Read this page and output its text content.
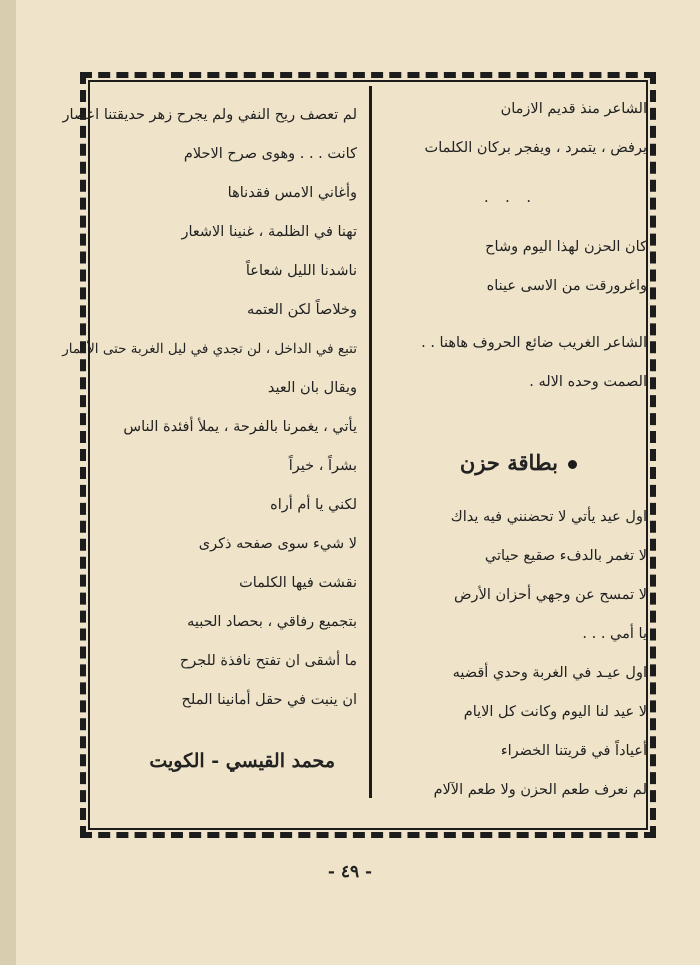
لم تعصف ريح النفي ولم يجرح زهر حديقتنا اعصار
كانت . . . وهوى صرح الاحلام
وأغاني الامس فقدناها
تهنا في الظلمة ، غنينا الاشعار
ناشدنا الليل شعاعاً
وخلاصاً لكن العتمه
تتبع في الداخل ، لن تجدي في ليل الغربة حتى الأقمار
ويقال بان العيد
يأتي ، يغمرنا بالفرحة ، يملأ أفئدة الناس
بشراً ، خيراً
لكني يا أم أراه
لا شيء سوى صفحه ذكرى
نقشت فيها الكلمات
بتجميع رفاقي ، بحصاد الحبيه
ما أشقى ان تفتح نافذة للجرح
ان ينبت في حقل أمانينا الملح
محمد القيسي - الكويت
الشاعر منذ قديم الازمان
يرفض ، يتمرد ، ويفجر بركان الكلمات
. . .
كان الحزن لهذا اليوم وشاح
واغرورقت من الاسى عيناه
الشاعر الغريب ضائع الحروف هاهنا . .
الصمت وحده الاله .
بطاقة حزن
اول عيد يأتي لا تحضنني فيه يداك
لا تغمر بالدفء صقيع حياتي
لا تمسح عن وجهي أحزان الأرض
يا أمي . . .
اول عيـد في الغربة وحدي أقضيه
لا عيد لنا اليوم وكانت كل الايام
أعياداً في قريتنا الخضراء
لم نعرف طعم الحزن ولا طعم الآلام
- ٤٩ -
